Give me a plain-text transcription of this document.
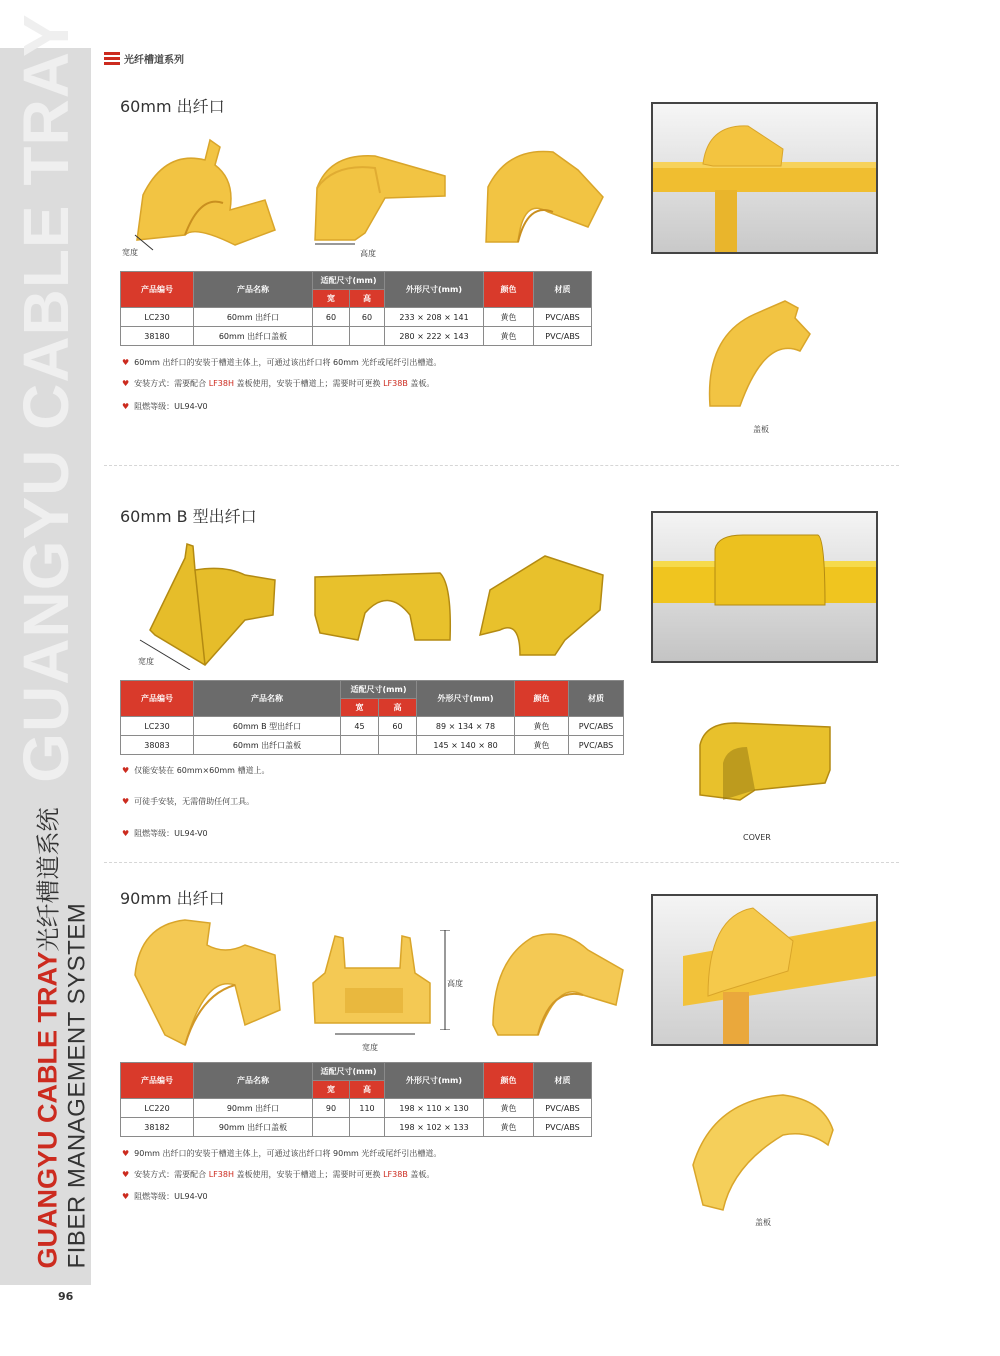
GUANGYU CABLE TRAY
GUANGYU CABLE TRAY光纤槽道系统
FIBER MANAGEMENT SYSTEM
96
光纤槽道系列
60mm 出纤口
宽度	高度
盖板
产品编号	产品名称	适配尺寸(mm)		外形尺寸(mm)	颜色	材质
		宽	高			
LC230	60mm 出纤口	60	60	233 × 208 × 141	黄色	PVC/ABS
38180	60mm 出纤口盖板			280 × 222 × 143	黄色	PVC/ABS
♥ 60mm 出纤口的安装于槽道主体上，可通过该出纤口将 60mm 光纤或尾纤引出槽道。
♥ 安装方式：需要配合 LF38H 盖板使用，安装于槽道上；需要时可更换 LF38B 盖板。
♥ 阻燃等级：UL94-V0
60mm B 型出纤口
宽度
COVER
产品编号	产品名称	适配尺寸(mm)		外形尺寸(mm)	颜色	材质
		宽	高			
LC230	60mm B 型出纤口	45	60	89 × 134 × 78	黄色	PVC/ABS
38083	60mm 出纤口盖板			145 × 140 × 80	黄色	PVC/ABS
♥ 仅能安装在 60mm×60mm 槽道上。
♥ 可徒手安装，无需借助任何工具。
♥ 阻燃等级：UL94-V0
90mm 出纤口
高度
宽度
盖板
产品编号	产品名称	适配尺寸(mm)		外形尺寸(mm)	颜色	材质
		宽	高			
LC220	90mm 出纤口	90	110	198 × 110 × 130	黄色	PVC/ABS
38182	90mm 出纤口盖板			198 × 102 × 133	黄色	PVC/ABS
♥ 90mm 出纤口的安装于槽道主体上，可通过该出纤口将 90mm 光纤或尾纤引出槽道。
♥ 安装方式：需要配合 LF38H 盖板使用，安装于槽道上；需要时可更换 LF38B 盖板。
♥ 阻燃等级：UL94-V0
